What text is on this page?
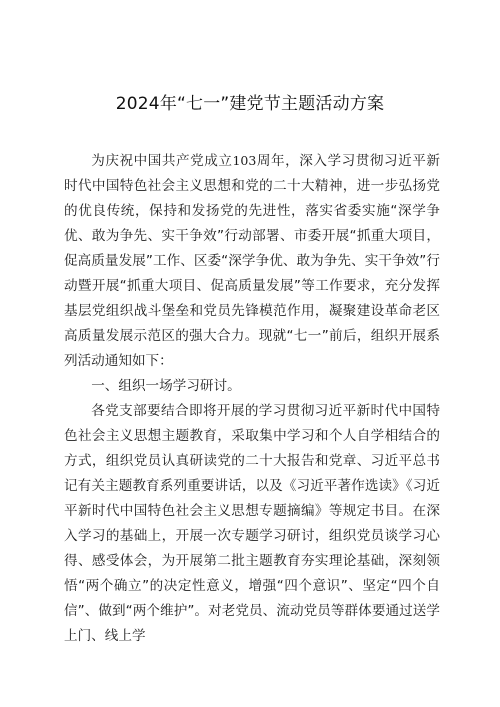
2024年“七一”建党节主题活动方案

为庆祝中国共产党成立103周年，深入学习贯彻习近平新时代中国特色社会主义思想和党的二十大精神，进一步弘扬党的优良传统，保持和发扬党的先进性，落实省委实施“深学争优、敢为争先、实干争效”行动部署、市委开展“抓重大项目，促高质量发展”工作、区委“深学争优、敢为争先、实干争效”行动暨开展“抓重大项目、促高质量发展”等工作要求，充分发挥基层党组织战斗堡垒和党员先锋模范作用，凝聚建设革命老区高质量发展示范区的强大合力。现就“七一”前后，组织开展系列活动通知如下：

一、组织一场学习研讨。

各党支部要结合即将开展的学习贯彻习近平新时代中国特色社会主义思想主题教育，采取集中学习和个人自学相结合的方式，组织党员认真研读党的二十大报告和党章、习近平总书记有关主题教育系列重要讲话，以及《习近平著作选读》《习近平新时代中国特色社会主义思想专题摘编》等规定书目。在深入学习的基础上，开展一次专题学习研讨，组织党员谈学习心得、感受体会，为开展第二批主题教育夯实理论基础，深刻领悟“两个确立”的决定性意义，增强“四个意识”、坚定“四个自信”、做到“两个维护”。对老党员、流动党员等群体要通过送学上门、线上学
